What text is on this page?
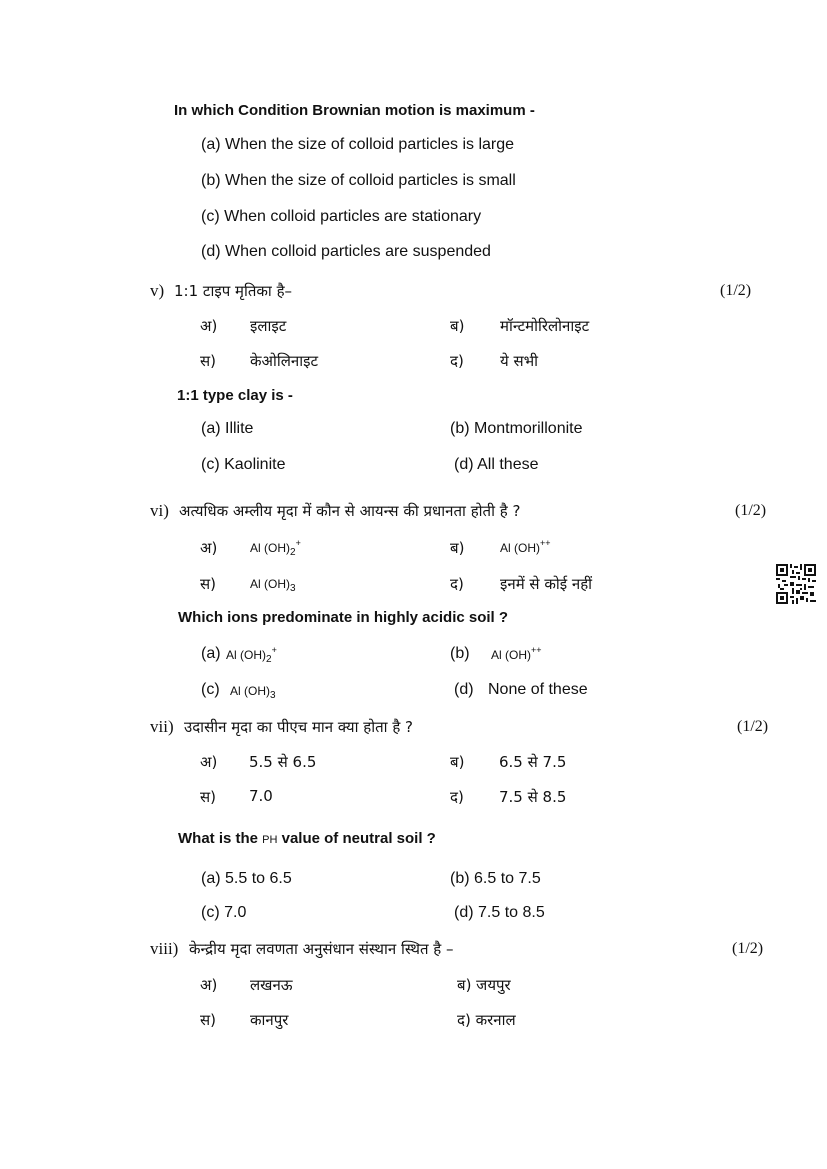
In which Condition Brownian motion is maximum -
(a) When the size of colloid particles is large
(b) When the size of colloid particles is small
(c) When colloid particles are stationary
(d) When colloid particles are suspended
v) 1:1 टाइप मृतिका है–	(1/2)
अ) इलाइट	ब) मॉन्टमोरिलोनाइट
स) केओलिनाइट	द) ये सभी
1:1 type clay is -
(a) Illite	(b) Montmorillonite
(c) Kaolinite	(d) All these
vi) अत्यधिक अम्लीय मृदा में कौन से आयन्स की प्रधानता होती है ?	(1/2)
अ)	Al $(OH)_2^+$	ब)	Al (OH)++
स)	Al $(OH)_3$	द) इनमें से कोई नहीं
Which ions predominate in highly acidic soil ?
(a) Al $(OH)_2^+$	(b) Al (OH)++
(c) Al $(OH)_3$	(d) None of these
vii) उदासीन मृदा का पीएच मान क्या होता है ?	(1/2)
अ) 5.5 से 6.5	ब) 6.5 से 7.5
स) 7.0	द) 7.5 से 8.5
What is the PH value of neutral soil ?
(a) 5.5 to 6.5	(b) 6.5 to 7.5
(c) 7.0	(d) 7.5 to 8.5
viii) केन्द्रीय मृदा लवणता अनुसंधान संस्थान स्थित है –	(1/2)
अ) लखनऊ	ब) जयपुर
स) कानपुर	द) करनाल
